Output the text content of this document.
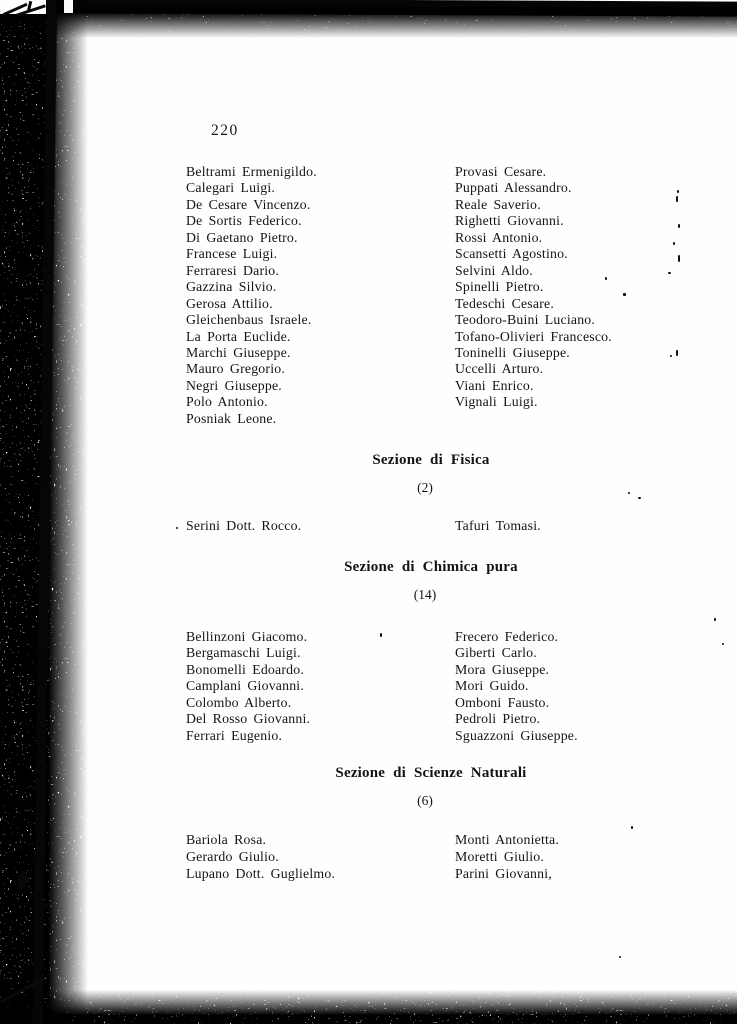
220
Beltrami Ermenigildo.
Calegari Luigi.
De Cesare Vincenzo.
De Sortis Federico.
Di Gaetano Pietro.
Francese Luigi.
Ferraresi Dario.
Gazzina Silvio.
Gerosa Attilio.
Gleichenbaus Israele.
La Porta Euclide.
Marchi Giuseppe.
Mauro Gregorio.
Negri Giuseppe.
Polo Antonio.
Posniak Leone.
Provasi Cesare.
Puppati Alessandro.
Reale Saverio.
Righetti Giovanni.
Rossi Antonio.
Scansetti Agostino.
Selvini Aldo.
Spinelli Pietro.
Tedeschi Cesare.
Teodoro-Buini Luciano.
Tofano-Olivieri Francesco.
Toninelli Giuseppe.
Uccelli Arturo.
Viani Enrico.
Vignali Luigi.
Sezione di Fisica
(2)
Serini Dott. Rocco.	Tafuri Tomasi.
Sezione di Chimica pura
(14)
Bellinzoni Giacomo.
Bergamaschi Luigi.
Bonomelli Edoardo.
Camplani Giovanni.
Colombo Alberto.
Del Rosso Giovanni.
Ferrari Eugenio.
Frecero Federico.
Giberti Carlo.
Mora Giuseppe.
Mori Guido.
Omboni Fausto.
Pedroli Pietro.
Sguazzoni Giuseppe.
Sezione di Scienze Naturali
(6)
Bariola Rosa.
Gerardo Giulio.
Lupano Dott. Guglielmo.
Monti Antonietta.
Moretti Giulio.
Parini Giovanni,
